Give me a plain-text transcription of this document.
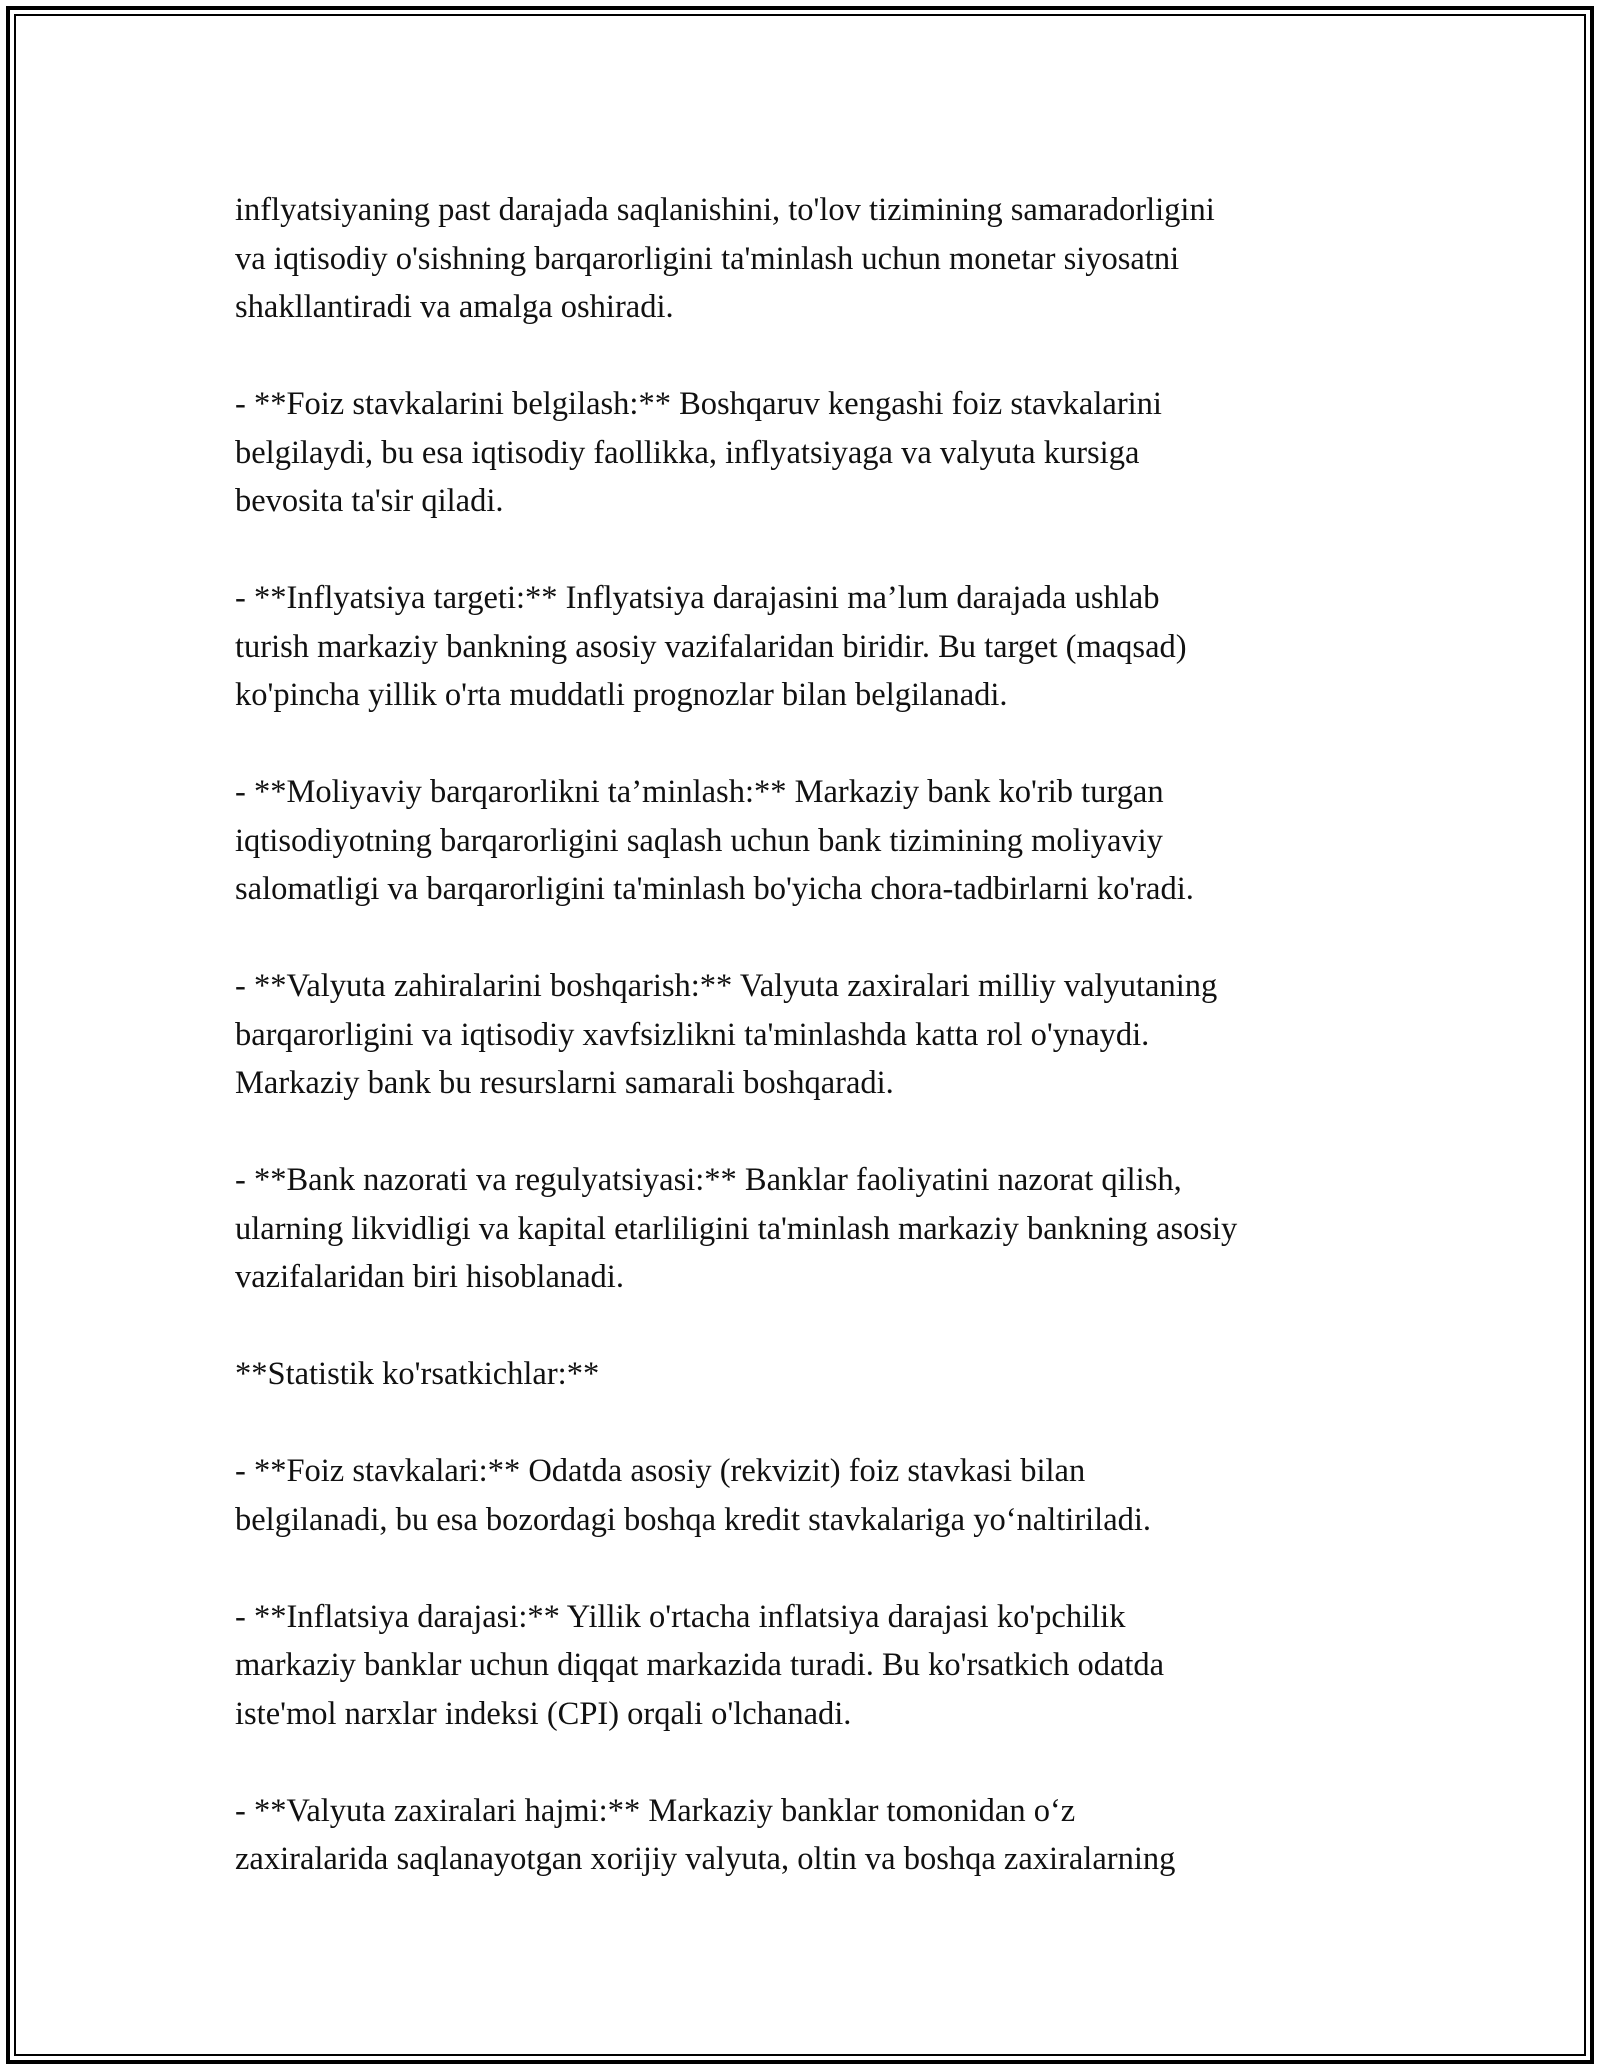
inflyatsiyaning past darajada saqlanishini, to'lov tizimining samaradorligini
va iqtisodiy o'sishning barqarorligini ta'minlash uchun monetar siyosatni
shakllantiradi va amalga oshiradi.

- **Foiz stavkalarini belgilash:** Boshqaruv kengashi foiz stavkalarini
belgilaydi, bu esa iqtisodiy faollikka, inflyatsiyaga va valyuta kursiga
bevosita ta'sir qiladi.

- **Inflyatsiya targeti:** Inflyatsiya darajasini ma’lum darajada ushlab
turish markaziy bankning asosiy vazifalaridan biridir. Bu target (maqsad)
ko'pincha yillik o'rta muddatli prognozlar bilan belgilanadi.

- **Moliyaviy barqarorlikni ta’minlash:** Markaziy bank ko'rib turgan
iqtisodiyotning barqarorligini saqlash uchun bank tizimining moliyaviy
salomatligi va barqarorligini ta'minlash bo'yicha chora-tadbirlarni ko'radi.

- **Valyuta zahiralarini boshqarish:** Valyuta zaxiralari milliy valyutaning
barqarorligini va iqtisodiy xavfsizlikni ta'minlashda katta rol o'ynaydi.
Markaziy bank bu resurslarni samarali boshqaradi.

- **Bank nazorati va regulyatsiyasi:** Banklar faoliyatini nazorat qilish,
ularning likvidligi va kapital etarliligini ta'minlash markaziy bankning asosiy
vazifalaridan biri hisoblanadi.

**Statistik ko'rsatkichlar:**

- **Foiz stavkalari:** Odatda asosiy (rekvizit) foiz stavkasi bilan
belgilanadi, bu esa bozordagi boshqa kredit stavkalariga yo‘naltiriladi.

- **Inflatsiya darajasi:** Yillik o'rtacha inflatsiya darajasi ko'pchilik
markaziy banklar uchun diqqat markazida turadi. Bu ko'rsatkich odatda
iste'mol narxlar indeksi (CPI) orqali o'lchanadi.

- **Valyuta zaxiralari hajmi:** Markaziy banklar tomonidan o‘z
zaxiralarida saqlanayotgan xorijiy valyuta, oltin va boshqa zaxiralarning
